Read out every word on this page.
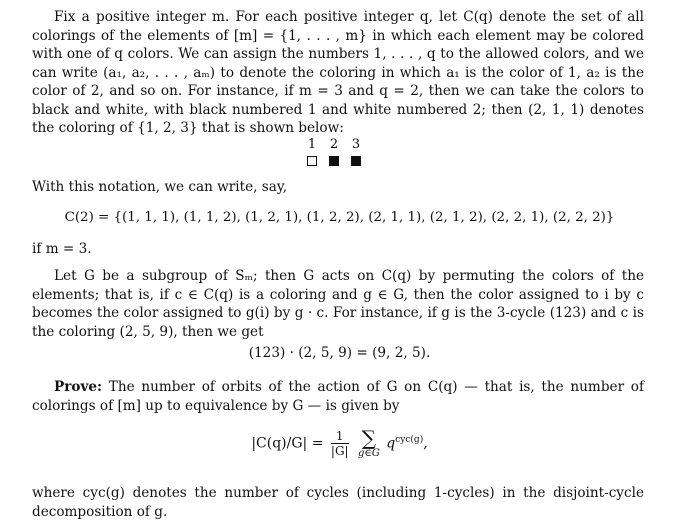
Fix a positive integer m. For each positive integer q, let C(q) denote the set of all colorings of the elements of [m] = {1, . . . , m} in which each element may be colored with one of q colors. We can assign the numbers 1, . . . , q to the allowed colors, and we can write (a₁, a₂, . . . , aₘ) to denote the coloring in which a₁ is the color of 1, a₂ is the color of 2, and so on. For instance, if m = 3 and q = 2, then we can take the colors to black and white, with black numbered 1 and white numbered 2; then (2, 1, 1) denotes the coloring of {1, 2, 3} that is shown below:

1 2 3

With this notation, we can write, say,

C(2) = {(1, 1, 1), (1, 1, 2), (1, 2, 1), (1, 2, 2), (2, 1, 1), (2, 1, 2), (2, 2, 1), (2, 2, 2)}

if m = 3.

Let G be a subgroup of Sₘ; then G acts on C(q) by permuting the colors of the elements; that is, if c ∈ C(q) is a coloring and g ∈ G, then the color assigned to i by c becomes the color assigned to g(i) by g · c. For instance, if g is the 3-cycle (123) and c is the coloring (2, 5, 9), then we get

(123) · (2, 5, 9) = (9, 2, 5).

Prove: The number of orbits of the action of G on C(q) — that is, the number of colorings of [m] up to equivalence by G — is given by

$|C(q)/G| = \frac{1}{|G|}$
∑
g∈G
$q^{cyc(g)}$,

where cyc(g) denotes the number of cycles (including 1-cycles) in the disjoint-cycle decomposition of g.
